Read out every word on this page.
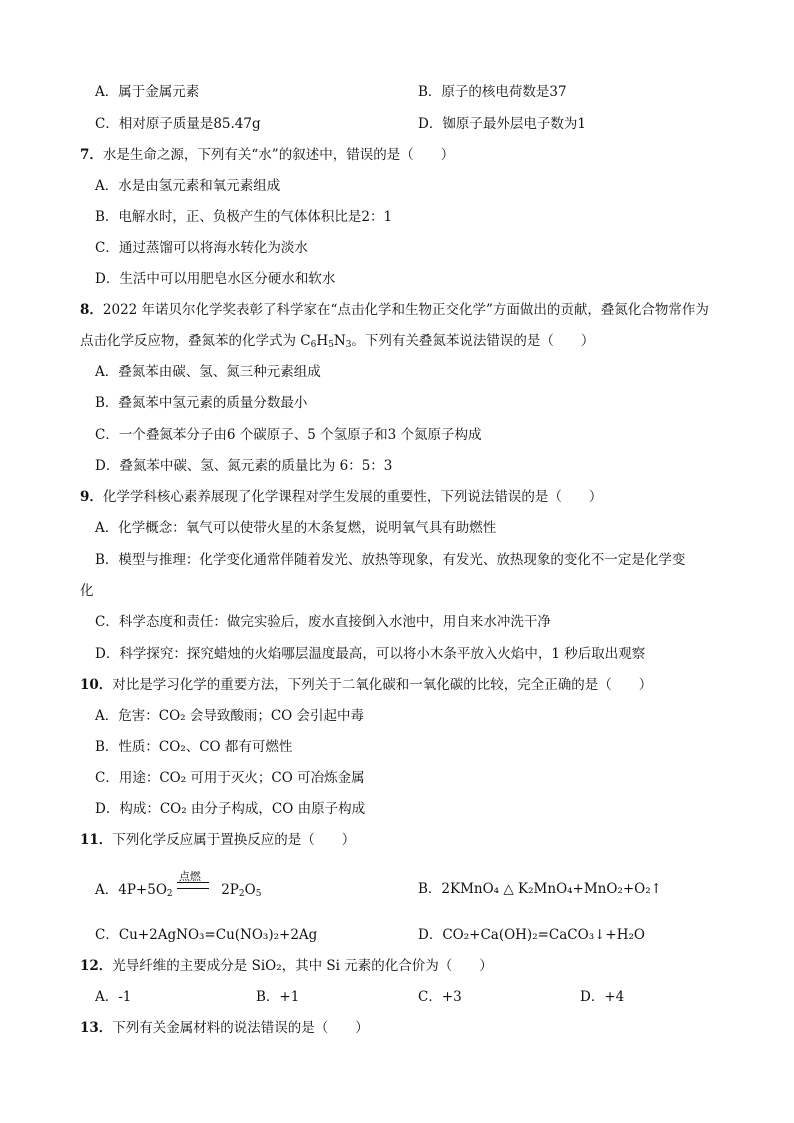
A．属于金属元素	B．原子的核电荷数是37
C．相对原子质量是85.47g	D．铷原子最外层电子数为1
7．水是生命之源，下列有关“水”的叙述中，错误的是（　　）
A．水是由氢元素和氧元素组成
B．电解水时，正、负极产生的气体体积比是2：1
C．通过蒸馏可以将海水转化为淡水
D．生活中可以用肥皂水区分硬水和软水
8．2022 年诺贝尔化学奖表彰了科学家在“点击化学和生物正交化学”方面做出的贡献，叠氮化合物常作为
点击化学反应物，叠氮苯的化学式为 $C_6H_5N_3$。下列有关叠氮苯说法错误的是（　　）
A．叠氮苯由碳、氢、氮三种元素组成
B．叠氮苯中氢元素的质量分数最小
C．一个叠氮苯分子由6 个碳原子、5 个氢原子和3 个氮原子构成
D．叠氮苯中碳、氢、氮元素的质量比为 6：5：3
9．化学学科核心素养展现了化学课程对学生发展的重要性，下列说法错误的是（　　）
A．化学概念：氧气可以使带火星的木条复燃，说明氧气具有助燃性
B．模型与推理：化学变化通常伴随着发光、放热等现象，有发光、放热现象的变化不一定是化学变
化
C．科学态度和责任：做完实验后，废水直接倒入水池中，用自来水冲洗干净
D．科学探究：探究蜡烛的火焰哪层温度最高，可以将小木条平放入火焰中，1 秒后取出观察
10．对比是学习化学的重要方法，下列关于二氧化碳和一氧化碳的比较，完全正确的是（　　）
A．危害：CO₂ 会导致酸雨；CO 会引起中毒
B．性质：CO₂、CO 都有可燃性
C．用途：CO₂ 可用于灭火；CO 可冶炼金属
D．构成：CO₂ 由分子构成，CO 由原子构成
11．下列化学反应属于置换反应的是（　　）
A．$4P+5O_2$
点燃
$2P_2O_5$	B．2KMnO₄ △ K₂MnO₄+MnO₂+O₂↑
C．Cu+2AgNO₃=Cu(NO₃)₂+2Ag	D．CO₂+Ca(OH)₂=CaCO₃↓+H₂O
12．光导纤维的主要成分是 SiO₂，其中 Si 元素的化合价为（　　）
A．-1	B．+1	C．+3	D．+4
13．下列有关金属材料的说法错误的是（　　）
